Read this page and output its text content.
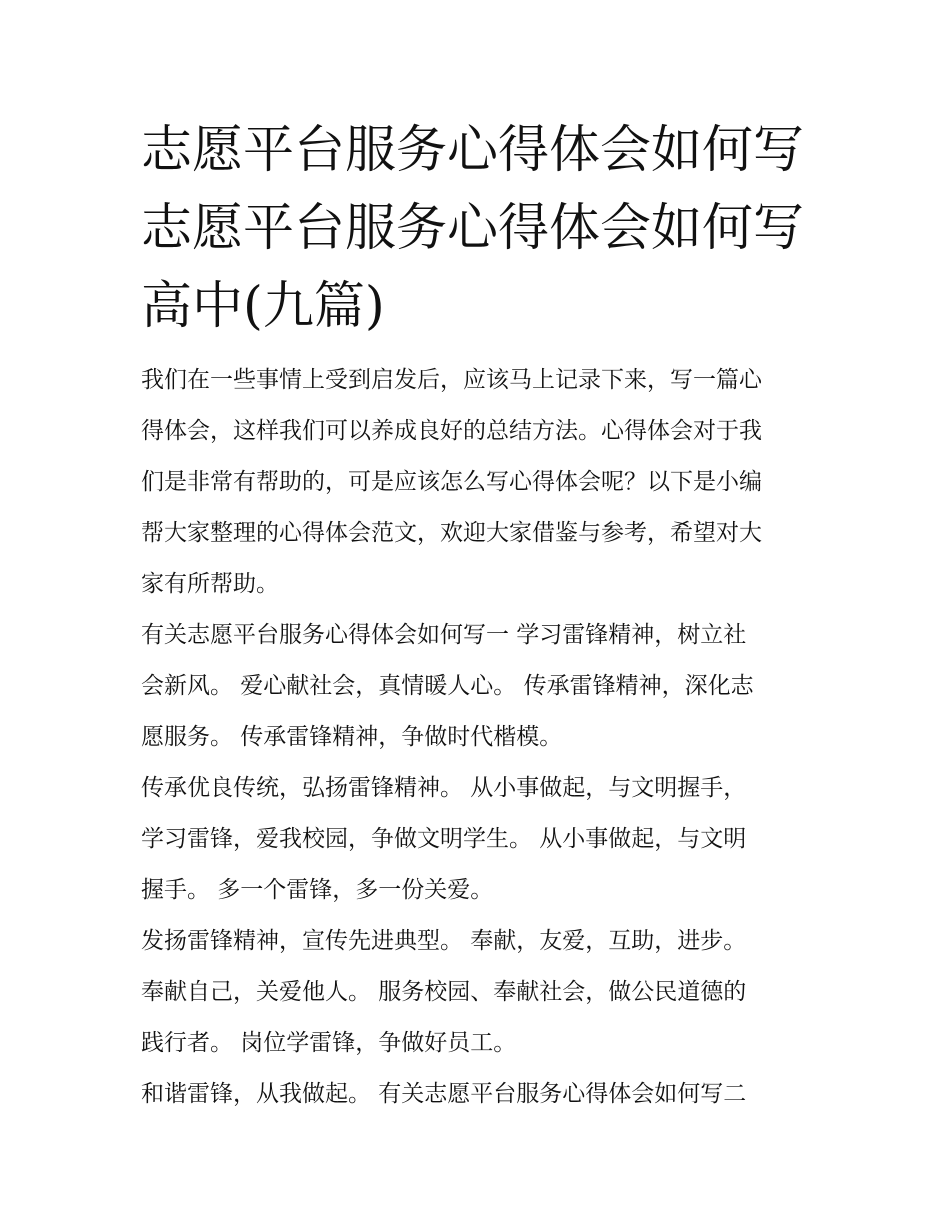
志愿平台服务心得体会如何写
志愿平台服务心得体会如何写
高中(九篇)
我们在一些事情上受到启发后，应该马上记录下来，写一篇心
得体会，这样我们可以养成良好的总结方法。心得体会对于我
们是非常有帮助的，可是应该怎么写心得体会呢？以下是小编
帮大家整理的心得体会范文，欢迎大家借鉴与参考，希望对大
家有所帮助。
有关志愿平台服务心得体会如何写一 学习雷锋精神，树立社
会新风。 爱心献社会，真情暖人心。 传承雷锋精神，深化志
愿服务。 传承雷锋精神，争做时代楷模。
传承优良传统，弘扬雷锋精神。 从小事做起，与文明握手，
学习雷锋，爱我校园，争做文明学生。 从小事做起，与文明
握手。 多一个雷锋，多一份关爱。
发扬雷锋精神，宣传先进典型。 奉献，友爱，互助，进步。
奉献自己，关爱他人。 服务校园、奉献社会，做公民道德的
践行者。 岗位学雷锋，争做好员工。
和谐雷锋，从我做起。 有关志愿平台服务心得体会如何写二
